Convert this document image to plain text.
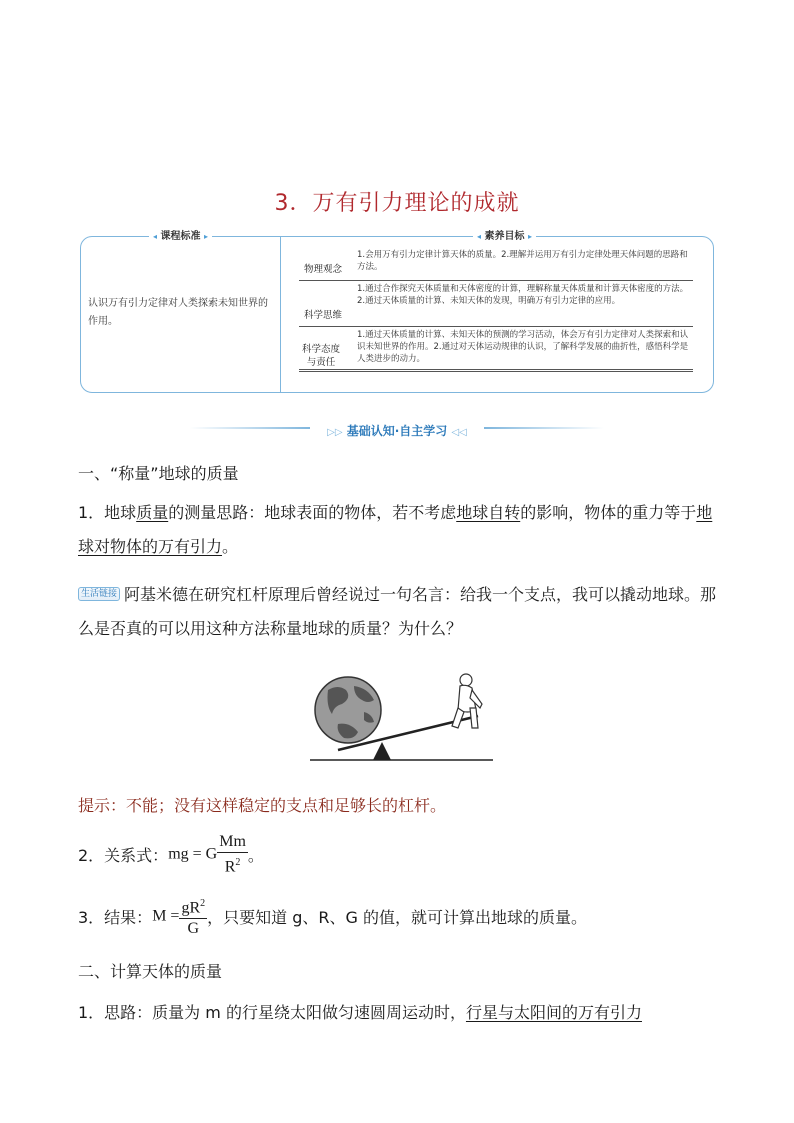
3．万有引力理论的成就
◂ 课程标准 ▸	◂ 素养目标 ▸
认识万有引力定律对人类探索未知世界的作用。
物理观念
1.会用万有引力定律计算天体的质量。2.理解并运用万有引力定律处理天体问题的思路和方法。
科学思维
1.通过合作探究天体质量和天体密度的计算，理解称量天体质量和计算天体密度的方法。2.通过天体质量的计算、未知天体的发现，明确万有引力定律的应用。
科学态度与责任
1.通过天体质量的计算、未知天体的预测的学习活动，体会万有引力定律对人类探索和认识未知世界的作用。2.通过对天体运动规律的认识，了解科学发展的曲折性，感悟科学是人类进步的动力。
▷▷ 基础认知·自主学习 ◁◁
一、“称量”地球的质量
1．地球质量的测量思路：地球表面的物体，若不考虑地球自转的影响，物体的重力等于地球对物体的万有引力。
生活链接 阿基米德在研究杠杆原理后曾经说过一句名言：给我一个支点，我可以撬动地球。那么是否真的可以用这种方法称量地球的质量？为什么？
提示：不能；没有这样稳定的支点和足够长的杠杆。
2．关系式：mg = G $\frac{Mm}{R^2}$ 。
3．结果：$M = \frac{gR^2}{G}$ ，只要知道 g、R、G 的值，就可计算出地球的质量。
二、计算天体的质量
1．思路：质量为 m 的行星绕太阳做匀速圆周运动时，行星与太阳间的万有引力
